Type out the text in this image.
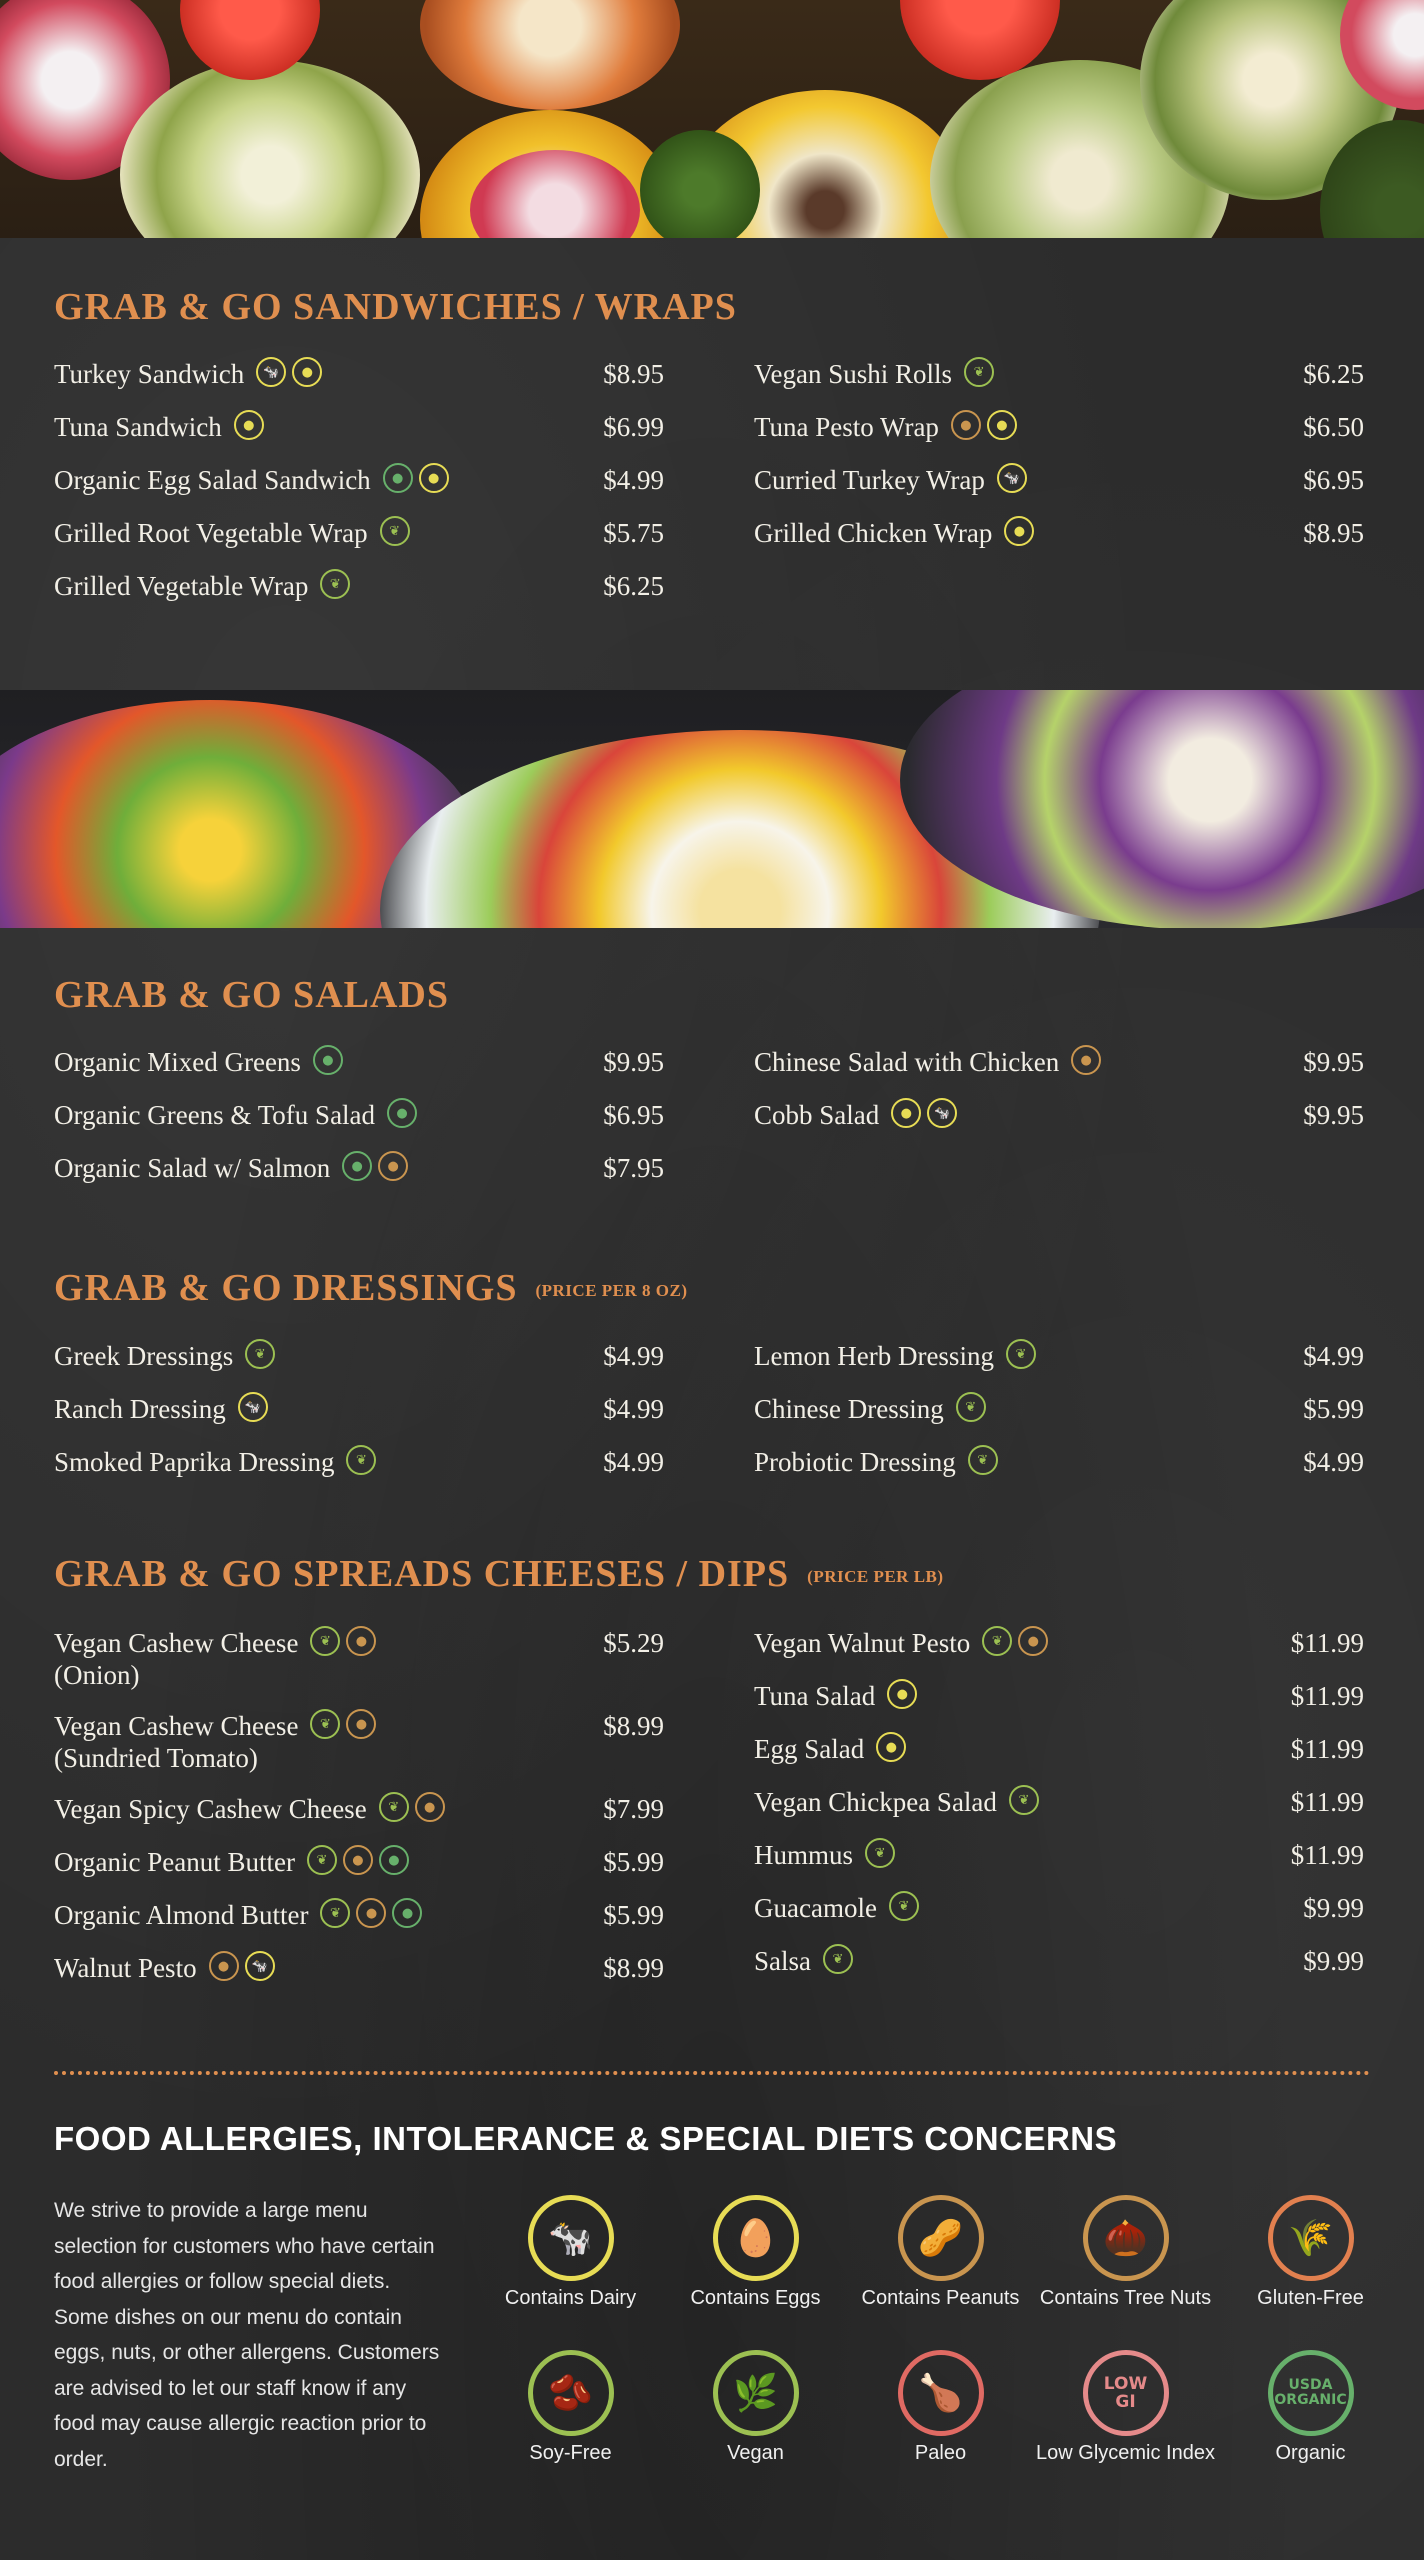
GRAB & GO SANDWICHES / WRAPS
Turkey Sandwich	🐄	●	$8.95
Tuna Sandwich	●	$6.99
Organic Egg Salad Sandwich	●	●	$4.99
Grilled Root Vegetable Wrap	❦	$5.75
Grilled Vegetable Wrap	❦	$6.25
Vegan Sushi Rolls	❦	$6.25
Tuna Pesto Wrap	●	●	$6.50
Curried Turkey Wrap	🐄	$6.95
Grilled Chicken Wrap	●	$8.95
GRAB & GO SALADS
Organic Mixed Greens	●	$9.95
Organic Greens & Tofu Salad	●	$6.95
Organic Salad w/ Salmon	●	●	$7.95
Chinese Salad with Chicken	●	$9.95
Cobb Salad	●	🐄	$9.95
GRAB & GO DRESSINGS (PRICE PER 8 OZ)
Greek Dressings	❦	$4.99
Ranch Dressing	🐄	$4.99
Smoked Paprika Dressing	❦	$4.99
Lemon Herb Dressing	❦	$4.99
Chinese Dressing	❦	$5.99
Probiotic Dressing	❦	$4.99
GRAB & GO SPREADS CHEESES / DIPS (PRICE PER LB)
Vegan Cashew Cheese
(Onion)
❦	●	$5.29
Vegan Cashew Cheese
(Sundried Tomato)
❦	●	$8.99
Vegan Spicy Cashew Cheese	❦	●	$7.99
Organic Peanut Butter	❦	●	●	$5.99
Organic Almond Butter	❦	●	●	$5.99
Walnut Pesto	●	🐄	$8.99
Vegan Walnut Pesto	❦	●	$11.99
Tuna Salad	●	$11.99
Egg Salad	●	$11.99
Vegan Chickpea Salad	❦	$11.99
Hummus	❦	$11.99
Guacamole	❦	$9.99
Salsa	❦	$9.99
FOOD ALLERGIES, INTOLERANCE & SPECIAL DIETS CONCERNS

We strive to provide a large menu selection for customers who have certain food allergies or follow special diets. Some dishes on our menu do contain eggs, nuts, or other allergens. Customers are advised to let our staff know if any food may cause allergic reaction prior to order.

🐄
Contains Dairy
🥚
Contains Eggs
🥜
Contains Peanuts
🌰
Contains Tree Nuts
🌾
Gluten-Free
🫘
Soy-Free
🌿
Vegan
🍗
Paleo
LOW
GI
Low Glycemic Index
USDA
ORGANIC
Organic
